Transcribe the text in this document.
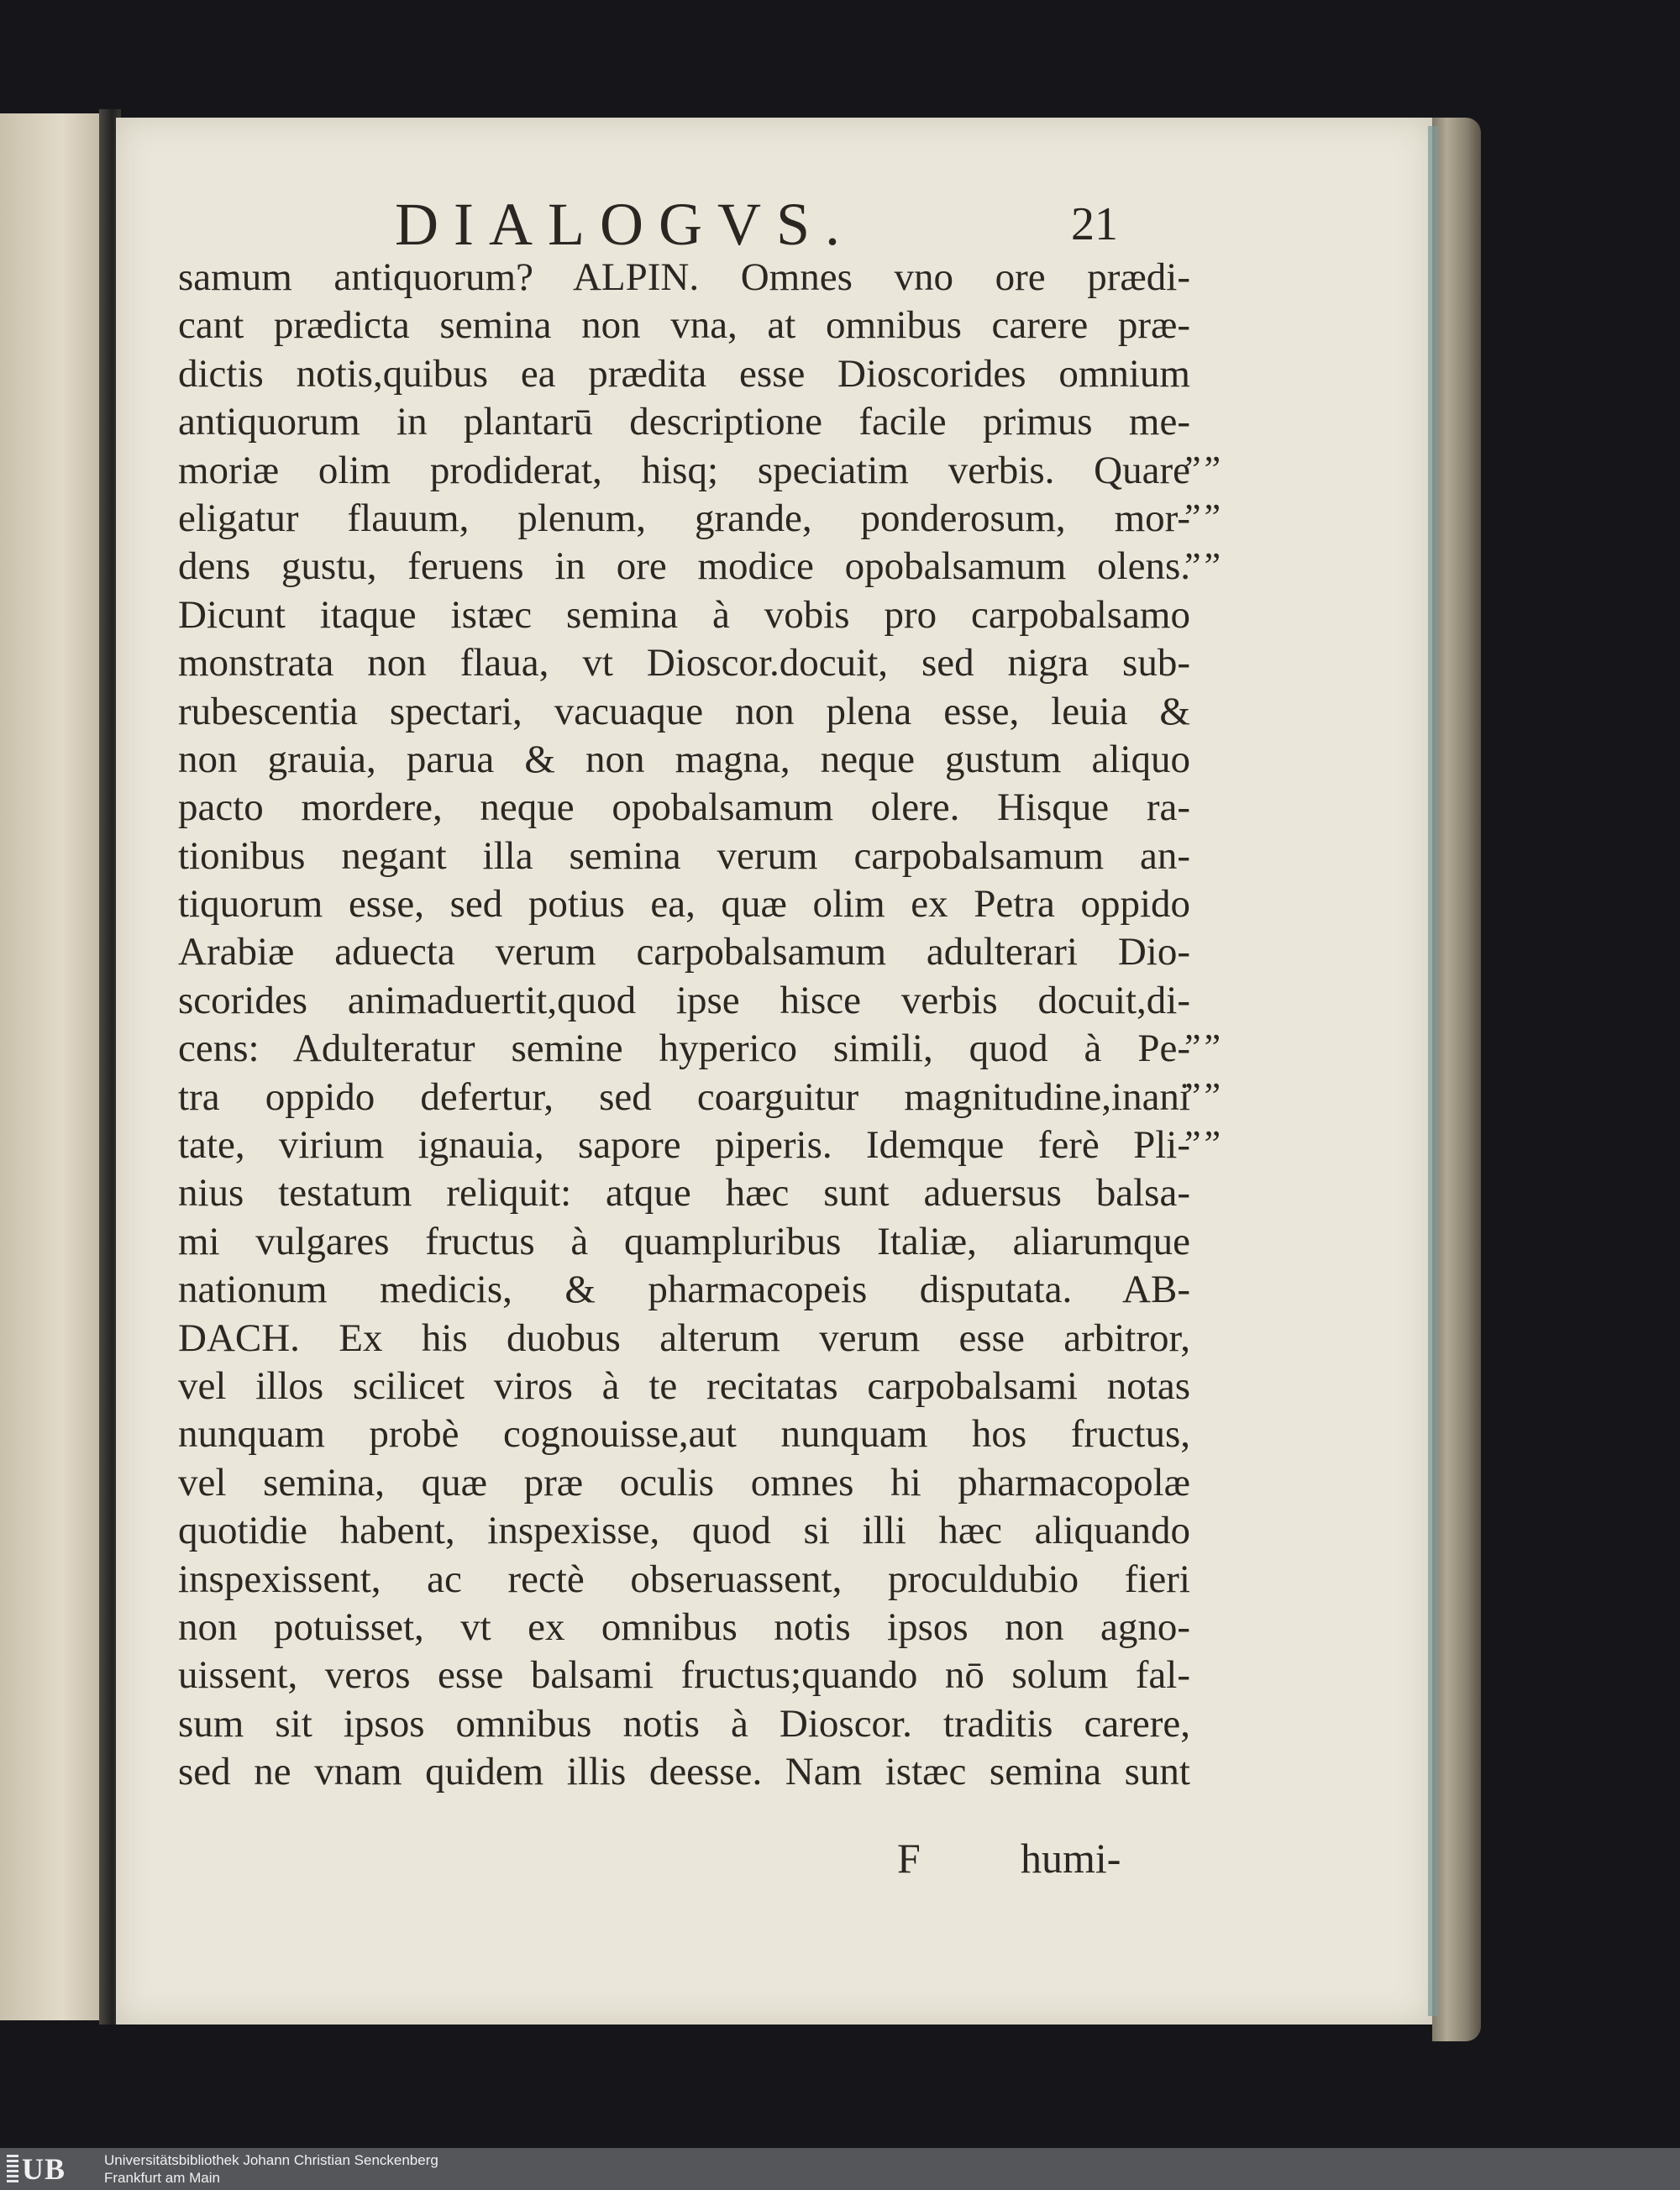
DIALOGVS.	21
samum antiquorum? ALPIN. Omnes vno ore prædi-
cant prædicta semina non vna, at omnibus carere præ-
dictis notis,quibus ea prædita esse Dioscorides omnium
antiquorum in plantarū descriptione facile primus me-
moriæ olim prodiderat, hisq; speciatim verbis. Quare
eligatur flauum, plenum, grande, ponderosum, mor-
dens gustu, feruens in ore modice opobalsamum olens.
Dicunt itaque istæc semina à vobis pro carpobalsamo
monstrata non flaua, vt Dioscor.docuit, sed nigra sub-
rubescentia spectari, vacuaque non plena esse, leuia &
non grauia, parua & non magna, neque gustum aliquo
pacto mordere, neque opobalsamum olere. Hisque ra-
tionibus negant illa semina verum carpobalsamum an-
tiquorum esse, sed potius ea, quæ olim ex Petra oppido
Arabiæ aduecta verum carpobalsamum adulterari Dio-
scorides animaduertit,quod ipse hisce verbis docuit,di-
cens: Adulteratur semine hyperico simili, quod à Pe-
tra oppido defertur, sed coarguitur magnitudine,inani
tate, virium ignauia, sapore piperis. Idemque ferè Pli-
nius testatum reliquit: atque hæc sunt aduersus balsa-
mi vulgares fructus à quampluribus Italiæ, aliarumque
nationum medicis, & pharmacopeis disputata. AB-
DACH. Ex his duobus alterum verum esse arbitror,
vel illos scilicet viros à te recitatas carpobalsami notas
nunquam probè cognouisse,aut nunquam hos fructus,
vel semina, quæ præ oculis omnes hi pharmacopolæ
quotidie habent, inspexisse, quod si illi hæc aliquando
inspexissent, ac rectè obseruassent, proculdubio fieri
non potuisset, vt ex omnibus notis ipsos non agno-
uissent, veros esse balsami fructus;quando nō solum fal-
sum sit ipsos omnibus notis à Dioscor. traditis carere,
sed ne vnam quidem illis deesse. Nam istæc semina sunt
””
””
””
””
””
””
F humi-
UB	Universitätsbibliothek Johann Christian Senckenberg
Frankfurt am Main
